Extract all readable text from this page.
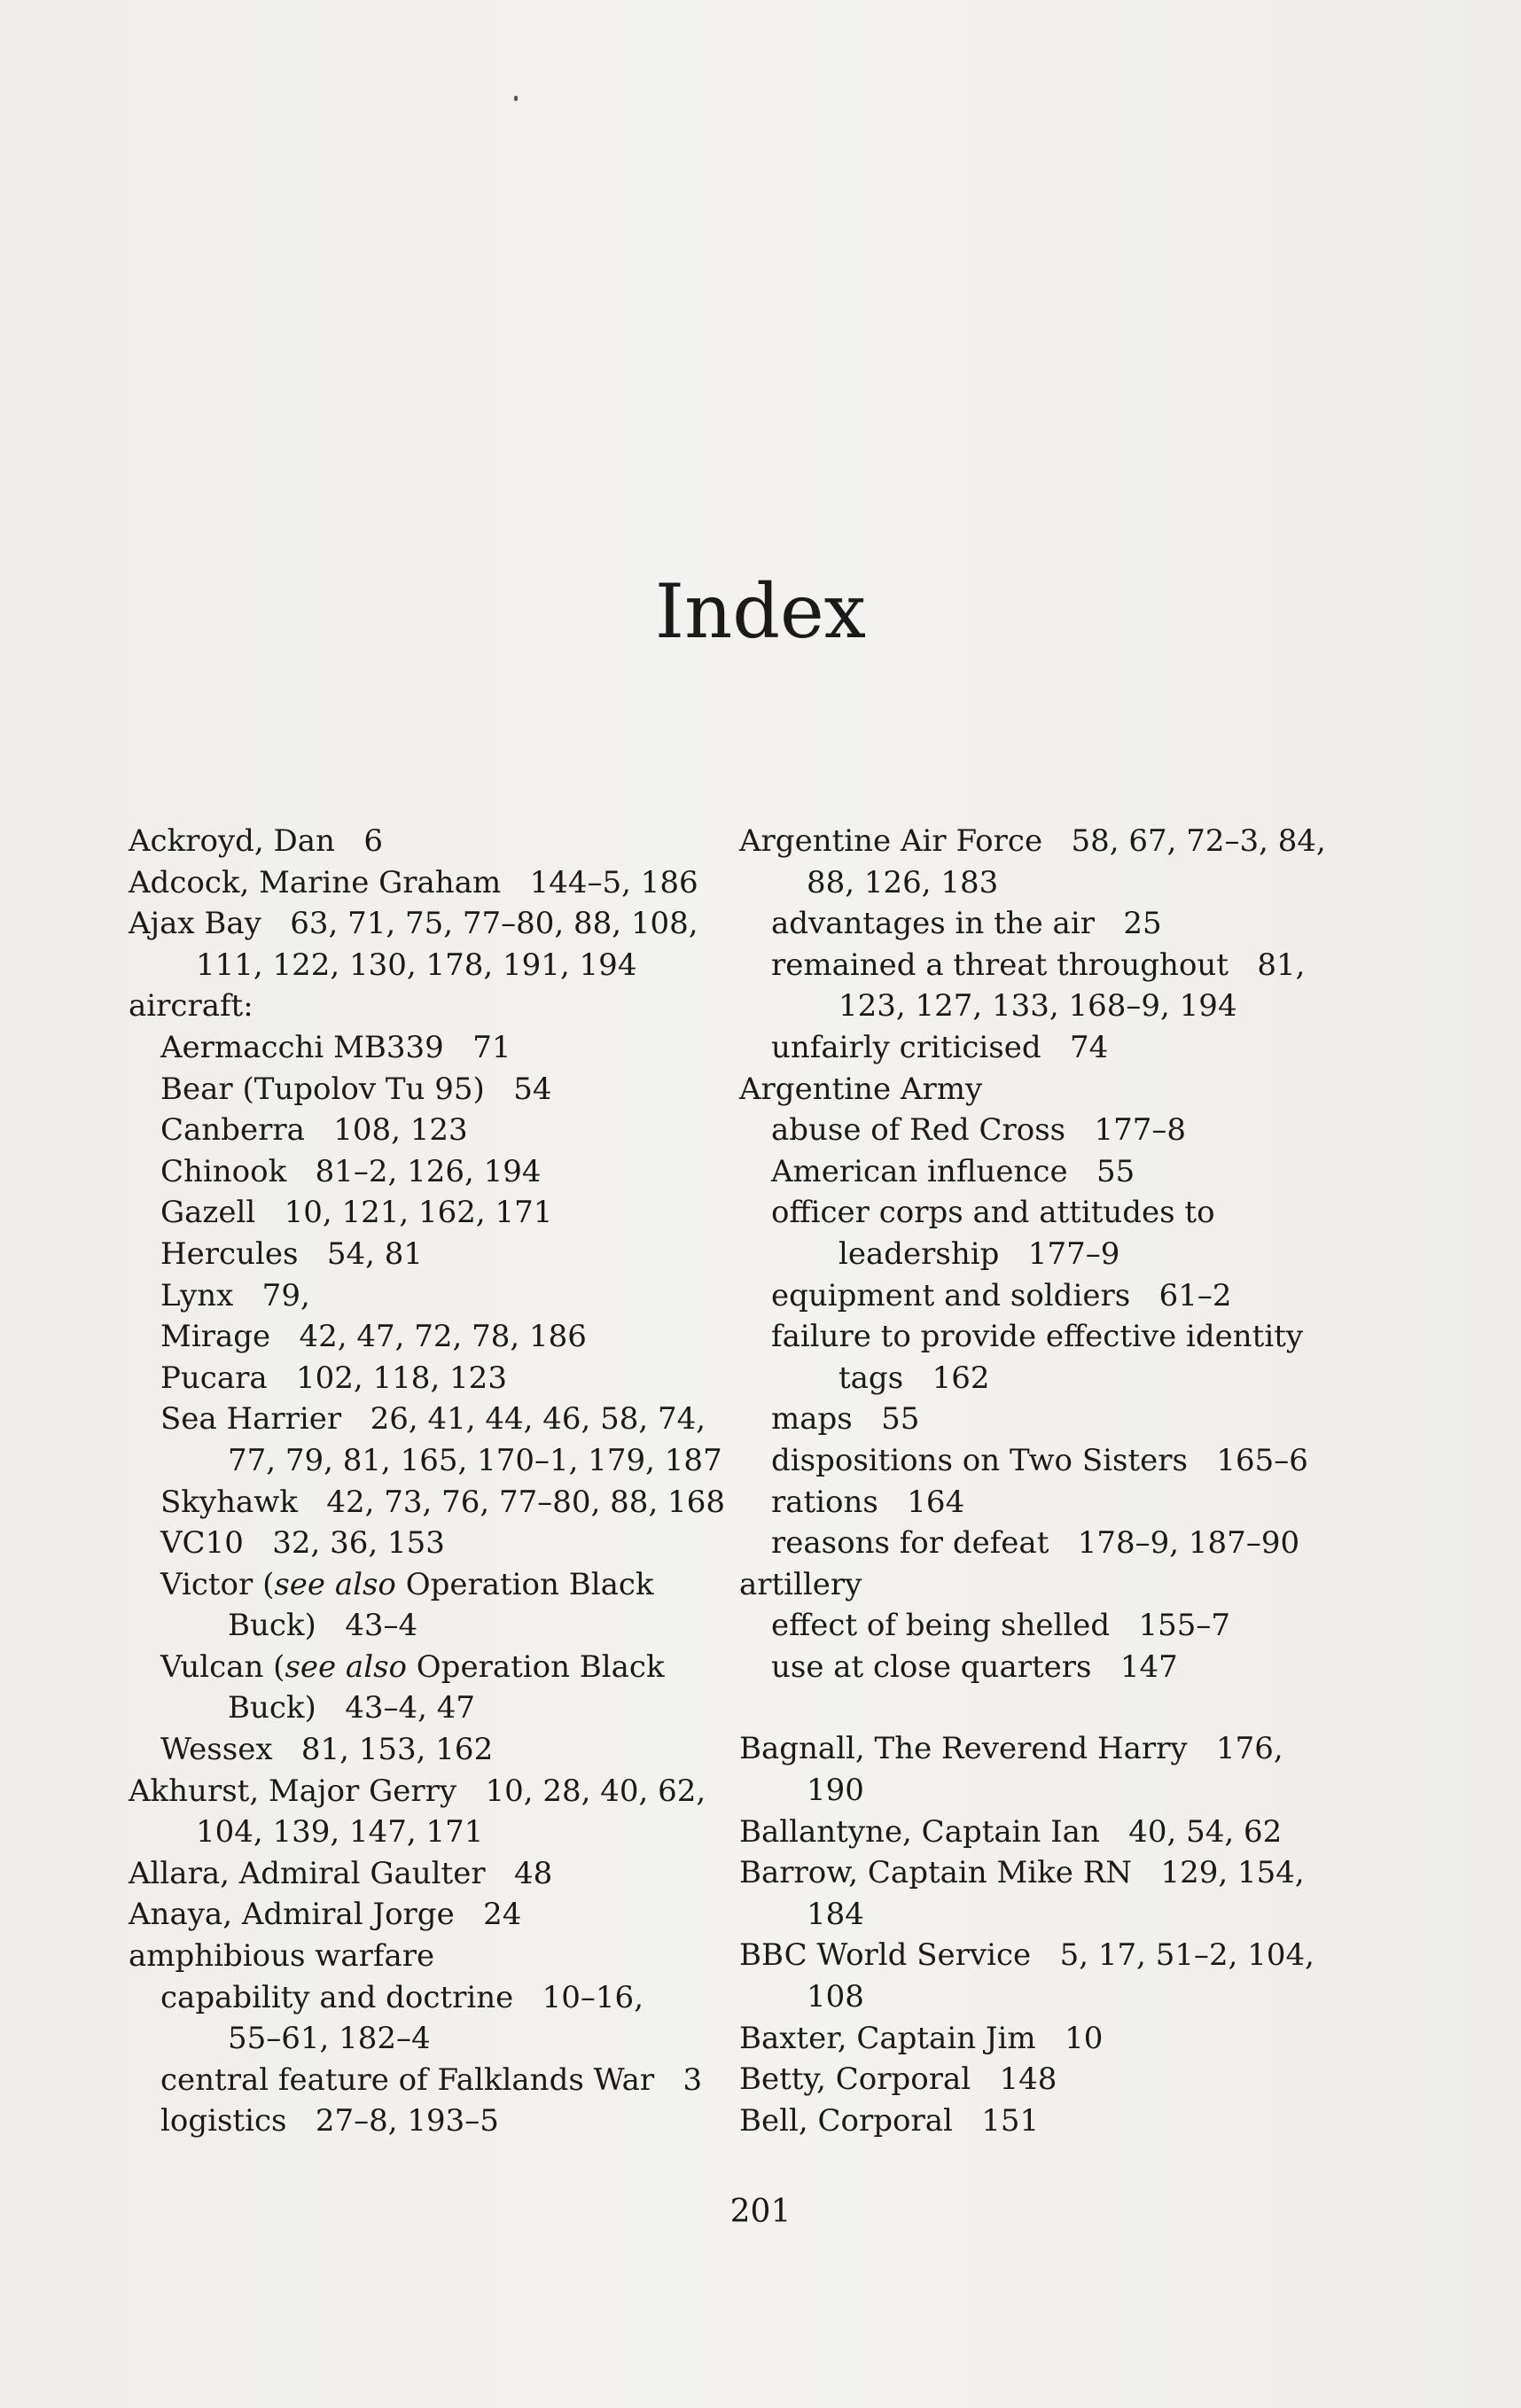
Index
Ackroyd, Dan   6
Adcock, Marine Graham   144–5, 186
Ajax Bay   63, 71, 75, 77–80, 88, 108,
111, 122, 130, 178, 191, 194
aircraft:
Aermacchi MB339   71
Bear (Tupolov Tu 95)   54
Canberra   108, 123
Chinook   81–2, 126, 194
Gazell   10, 121, 162, 171
Hercules   54, 81
Lynx   79,
Mirage   42, 47, 72, 78, 186
Pucara   102, 118, 123
Sea Harrier   26, 41, 44, 46, 58, 74,
77, 79, 81, 165, 170–1, 179, 187
Skyhawk   42, 73, 76, 77–80, 88, 168
VC10   32, 36, 153
Victor (see also Operation Black
Buck)   43–4
Vulcan (see also Operation Black
Buck)   43–4, 47
Wessex   81, 153, 162
Akhurst, Major Gerry   10, 28, 40, 62,
104, 139, 147, 171
Allara, Admiral Gaulter   48
Anaya, Admiral Jorge   24
amphibious warfare
capability and doctrine   10–16,
55–61, 182–4
central feature of Falklands War   3
logistics   27–8, 193–5
Argentine Air Force   58, 67, 72–3, 84,
88, 126, 183
advantages in the air   25
remained a threat throughout   81,
123, 127, 133, 168–9, 194
unfairly criticised   74
Argentine Army
abuse of Red Cross   177–8
American influence   55
officer corps and attitudes to
leadership   177–9
equipment and soldiers   61–2
failure to provide effective identity
tags   162
maps   55
dispositions on Two Sisters   165–6
rations   164
reasons for defeat   178–9, 187–90
artillery
effect of being shelled   155–7
use at close quarters   147
Bagnall, The Reverend Harry   176,
190
Ballantyne, Captain Ian   40, 54, 62
Barrow, Captain Mike RN   129, 154,
184
BBC World Service   5, 17, 51–2, 104,
108
Baxter, Captain Jim   10
Betty, Corporal   148
Bell, Corporal   151
201
